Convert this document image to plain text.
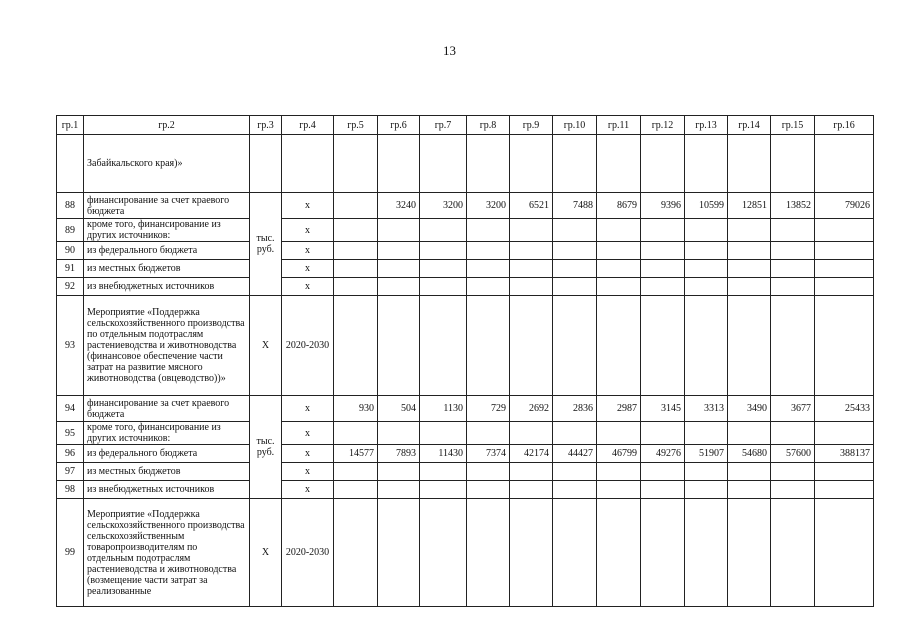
13
гр.1	гр.2	гр.3	гр.4	гр.5	гр.6	гр.7	гр.8	гр.9	гр.10	гр.11	гр.12	гр.13	гр.14	гр.15	гр.16
	Забайкальского края)»														
88	финансирование за счет краевого бюджета	тыс. руб.	х		3240	3200	3200	6521	7488	8679	9396	10599	12851	13852	79026
89	кроме того, финансирование из других источников:		х												
90	из федерального бюджета		х												
91	из местных бюджетов		х												
92	из внебюджетных источников		х												
93	Мероприятие «Поддержка сельскохозяйственного производства по отдельным подотраслям растениеводства и животноводства (финансовое обеспечение части затрат на развитие мясного животноводства (овцеводство))»	Х	2020-2030												
94	финансирование за счет краевого бюджета	тыс. руб.	х	930	504	1130	729	2692	2836	2987	3145	3313	3490	3677	25433
95	кроме того, финансирование из других источников:		х												
96	из федерального бюджета		х	14577	7893	11430	7374	42174	44427	46799	49276	51907	54680	57600	388137
97	из местных бюджетов		х												
98	из внебюджетных источников		х												
99	Мероприятие «Поддержка сельскохозяйственного производства сельскохозяйственным товаропроизводителям по отдельным подотраслям растениеводства и животноводства (возмещение части затрат за реализованные	Х	2020-2030												
